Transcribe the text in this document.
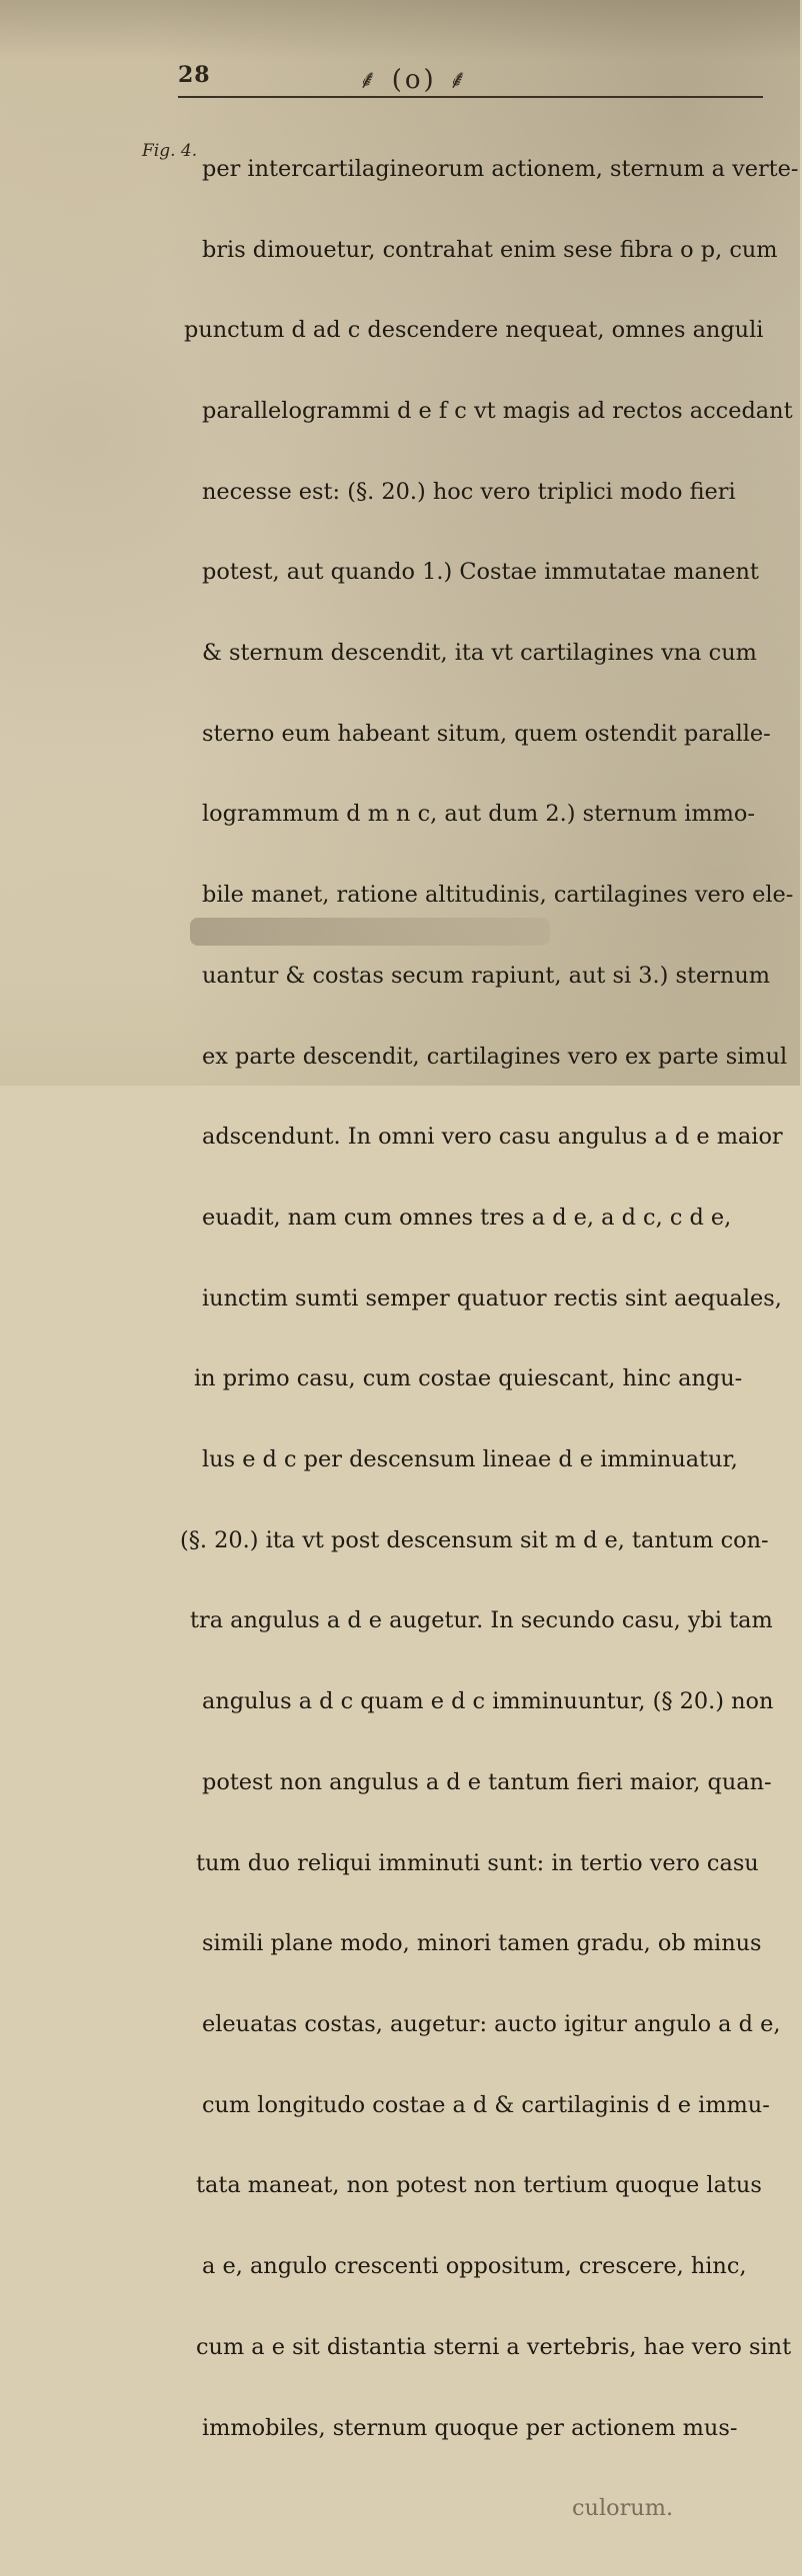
28	⸙ (o) ⸙
Fig. 4.

per intercartilagineorum actionem, sternum a verte-

bris dimouetur, contrahat enim sese fibra o p, cum

punctum d ad c descendere nequeat, omnes anguli

parallelogrammi d e f c vt magis ad rectos accedant

necesse est: (§. 20.) hoc vero triplici modo fieri

potest, aut quando 1.) Costae immutatae manent

& sternum descendit, ita vt cartilagines vna cum

sterno eum habeant situm, quem ostendit paralle-

logrammum d m n c, aut dum 2.) sternum immo-

bile manet, ratione altitudinis, cartilagines vero ele-

uantur & costas secum rapiunt, aut si 3.) sternum

ex parte descendit, cartilagines vero ex parte simul

adscendunt. In omni vero casu angulus a d e maior

euadit, nam cum omnes tres a d e, a d c, c d e,

iunctim sumti semper quatuor rectis sint aequales,

in primo casu, cum costae quiescant, hinc angu-

lus e d c per descensum lineae d e imminuatur,

(§. 20.) ita vt post descensum sit m d e, tantum con-

tra angulus a d e augetur. In secundo casu, ybi tam

angulus a d c quam e d c imminuuntur, (§ 20.) non

potest non angulus a d e tantum fieri maior, quan-

tum duo reliqui imminuti sunt: in tertio vero casu

simili plane modo, minori tamen gradu, ob minus

eleuatas costas, augetur: aucto igitur angulo a d e,

cum longitudo costae a d & cartilaginis d e immu-

tata maneat, non potest non tertium quoque latus

a e, angulo crescenti oppositum, crescere, hinc,

cum a e sit distantia sterni a vertebris, hae vero sint

immobiles, sternum quoque per actionem mus-

culorum.
